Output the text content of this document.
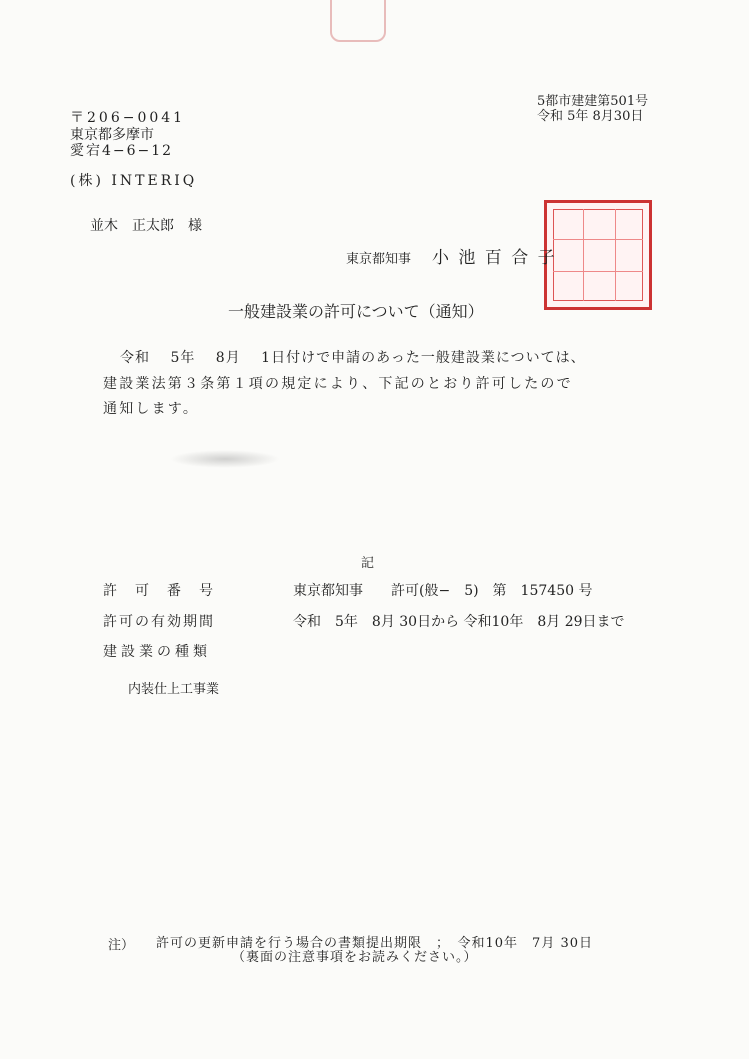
5都市建建第501号
令和 5年 8月30日
〒206−0041
東京都多摩市
愛宕4−6−12
(株) INTERIQ
並木　正太郎　様
東京都知事 小 池 百 合 子
一般建設業の許可について（通知）
令和　 5年　 8月　 1日付けで申請のあった一般建設業については、
建設業法第３条第１項の規定により、下記のとおり許可したので
通知します。
記
許　可　番　号	東京都知事　　許可(般−　5)　第　157450 号
許可の有効期間	令和　5年　8月 30日から 令和10年　8月 29日まで
建設業の種類
内装仕上工事業
注） 許可の更新申請を行う場合の書類提出期限　；　令和10年　7月 30日
（裏面の注意事項をお読みください。）
